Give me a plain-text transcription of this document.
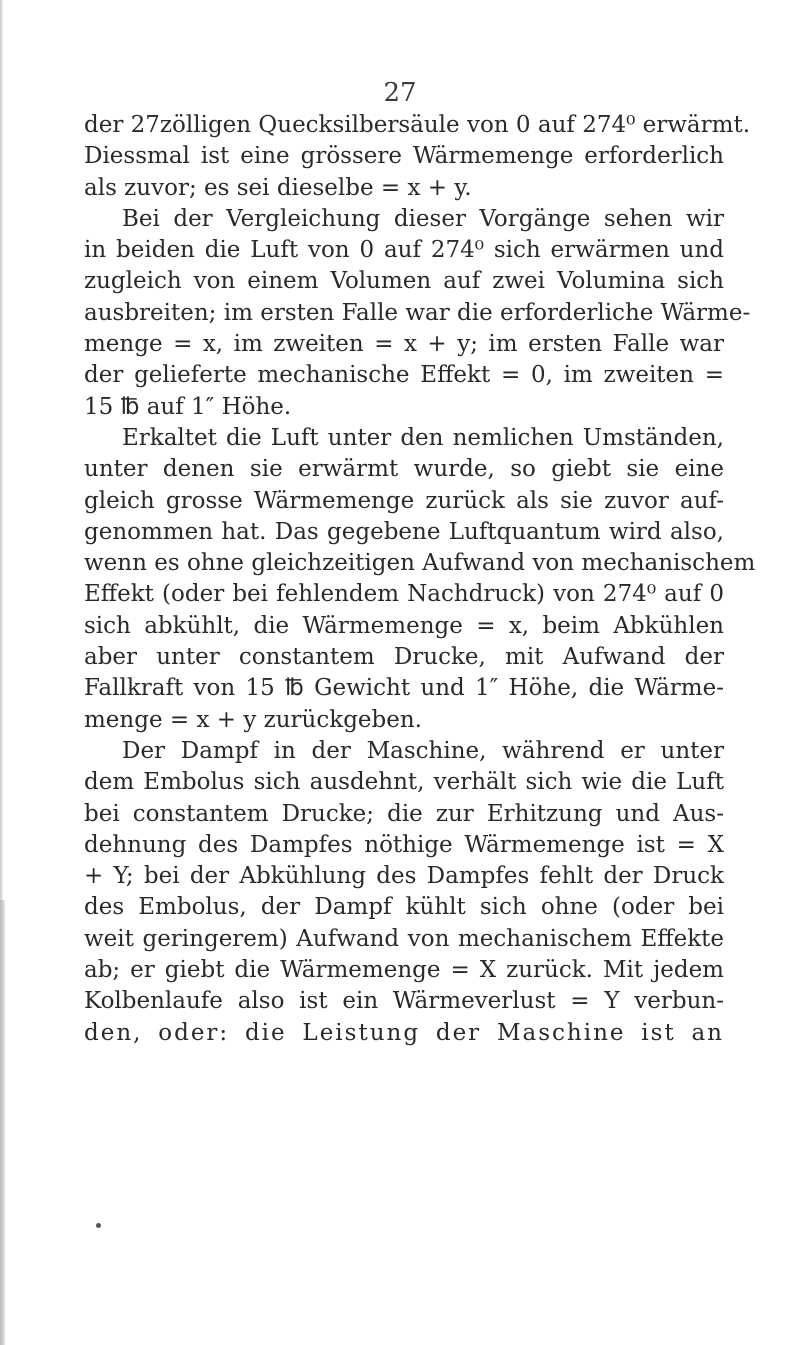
27
der 27zölligen Quecksilbersäule von 0 auf 274⁰ erwärmt.
Diessmal ist eine grössere Wärmemenge erforderlich
als zuvor; es sei dieselbe = x + y.
Bei der Vergleichung dieser Vorgänge sehen wir
in beiden die Luft von 0 auf 274⁰ sich erwärmen und
zugleich von einem Volumen auf zwei Volumina sich
ausbreiten; im ersten Falle war die erforderliche Wärme-
menge = x, im zweiten = x + y; im ersten Falle war
der gelieferte mechanische Effekt = 0, im zweiten =
15 ℔ auf 1″ Höhe.
Erkaltet die Luft unter den nemlichen Umständen,
unter denen sie erwärmt wurde, so giebt sie eine
gleich grosse Wärmemenge zurück als sie zuvor auf-
genommen hat. Das gegebene Luftquantum wird also,
wenn es ohne gleichzeitigen Aufwand von mechanischem
Effekt (oder bei fehlendem Nachdruck) von 274⁰ auf 0
sich abkühlt, die Wärmemenge = x, beim Abkühlen
aber unter constantem Drucke, mit Aufwand der
Fallkraft von 15 ℔ Gewicht und 1″ Höhe, die Wärme-
menge = x + y zurückgeben.
Der Dampf in der Maschine, während er unter
dem Embolus sich ausdehnt, verhält sich wie die Luft
bei constantem Drucke; die zur Erhitzung und Aus-
dehnung des Dampfes nöthige Wärmemenge ist = X
+ Y; bei der Abkühlung des Dampfes fehlt der Druck
des Embolus, der Dampf kühlt sich ohne (oder bei
weit geringerem) Aufwand von mechanischem Effekte
ab; er giebt die Wärmemenge = X zurück. Mit jedem
Kolbenlaufe also ist ein Wärmeverlust = Y verbun-
den, oder: die Leistung der Maschine ist an
